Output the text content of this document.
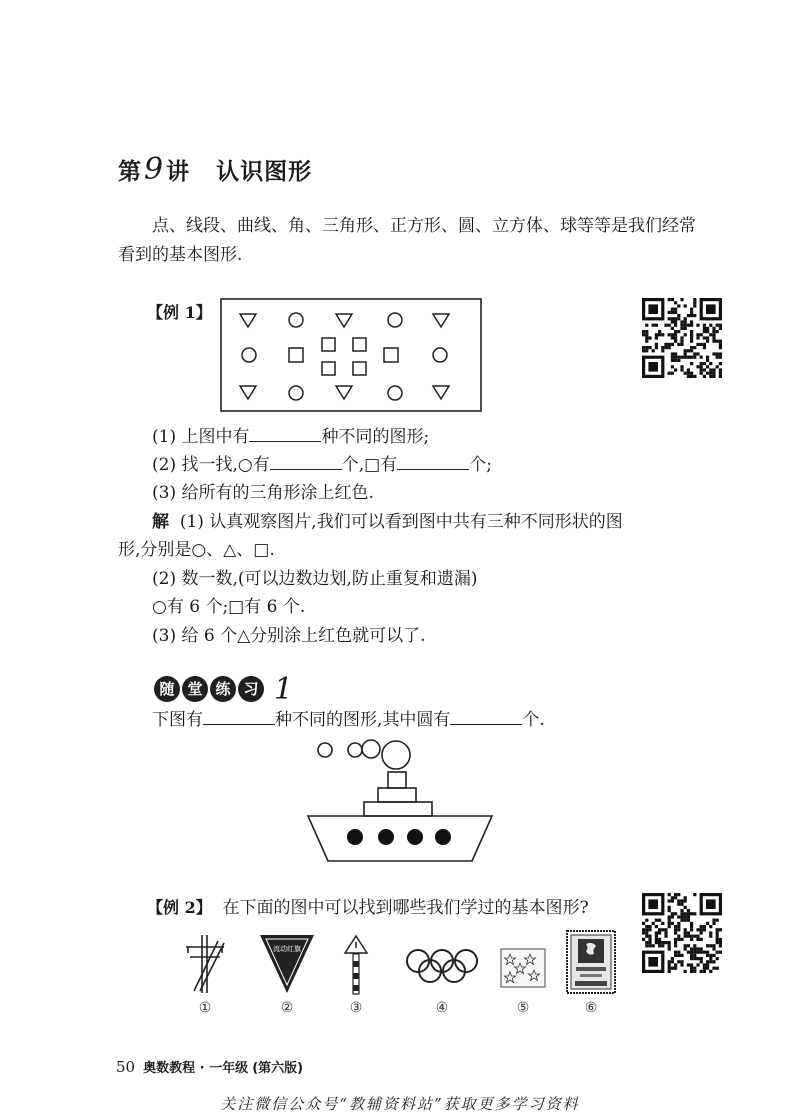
第9讲 认识图形
点、线段、曲线、角、三角形、正方形、圆、立方体、球等等是我们经常
看到的基本图形.
【例 1】
(1) 上图中有	种不同的图形;
(2) 找一找,○有	个,□有	个;
(3) 给所有的三角形涂上红色.
解 (1) 认真观察图片,我们可以看到图中共有三种不同形状的图
形,分别是○、△、□.
(2) 数一数,(可以边数边划,防止重复和遗漏)
○有 6 个;□有 6 个.
(3) 给 6 个△分别涂上红色就可以了.
随 堂 练 习 1
下图有	种不同的图形,其中圆有	个.
【例 2】 在下面的图中可以找到哪些我们学过的基本图形?
流动红旗
①	②	③	④	⑤	⑥
50 奥数教程 · 一年级 (第六版)
关注微信公众号“教辅资料站”获取更多学习资料
